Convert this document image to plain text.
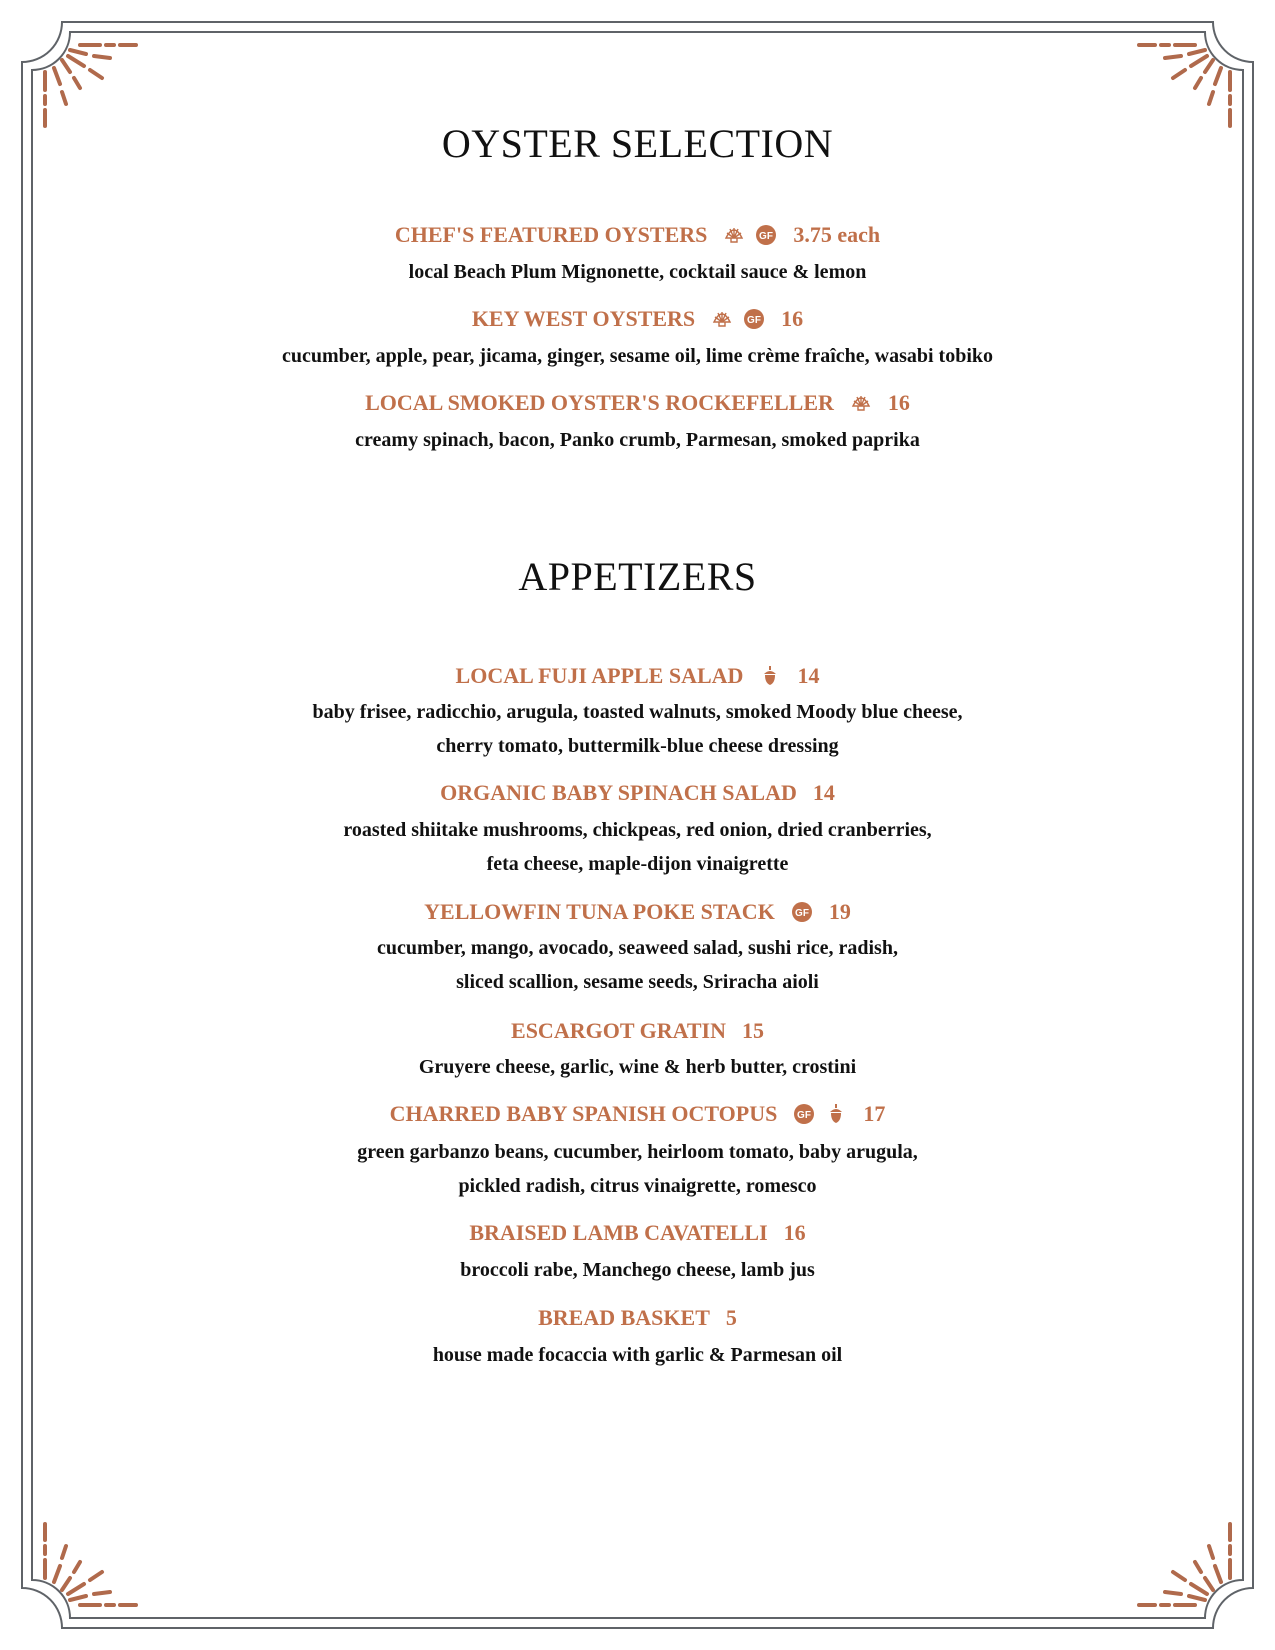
OYSTER SELECTION
CHEF'S FEATURED OYSTERS	GF 3.75 each
local Beach Plum Mignonette, cocktail sauce & lemon
KEY WEST OYSTERS	GF 16
cucumber, apple, pear, jicama, ginger, sesame oil, lime crème fraîche, wasabi tobiko
LOCAL SMOKED OYSTER'S ROCKEFELLER 16
creamy spinach, bacon, Panko crumb, Parmesan, smoked paprika
APPETIZERS
LOCAL FUJI APPLE SALAD 14
baby frisee, radicchio, arugula, toasted walnuts, smoked Moody blue cheese,
cherry tomato, buttermilk-blue cheese dressing
ORGANIC BABY SPINACH SALAD 14
roasted shiitake mushrooms, chickpeas, red onion, dried cranberries,
feta cheese, maple-dijon vinaigrette
YELLOWFIN TUNA POKE STACK GF 19
cucumber, mango, avocado, seaweed salad, sushi rice, radish,
sliced scallion, sesame seeds, Sriracha aioli
ESCARGOT GRATIN 15
Gruyere cheese, garlic, wine & herb butter, crostini
CHARRED BABY SPANISH OCTOPUS GF 17
green garbanzo beans, cucumber, heirloom tomato, baby arugula,
pickled radish, citrus vinaigrette, romesco
BRAISED LAMB CAVATELLI 16
broccoli rabe, Manchego cheese, lamb jus
BREAD BASKET 5
house made focaccia with garlic & Parmesan oil
